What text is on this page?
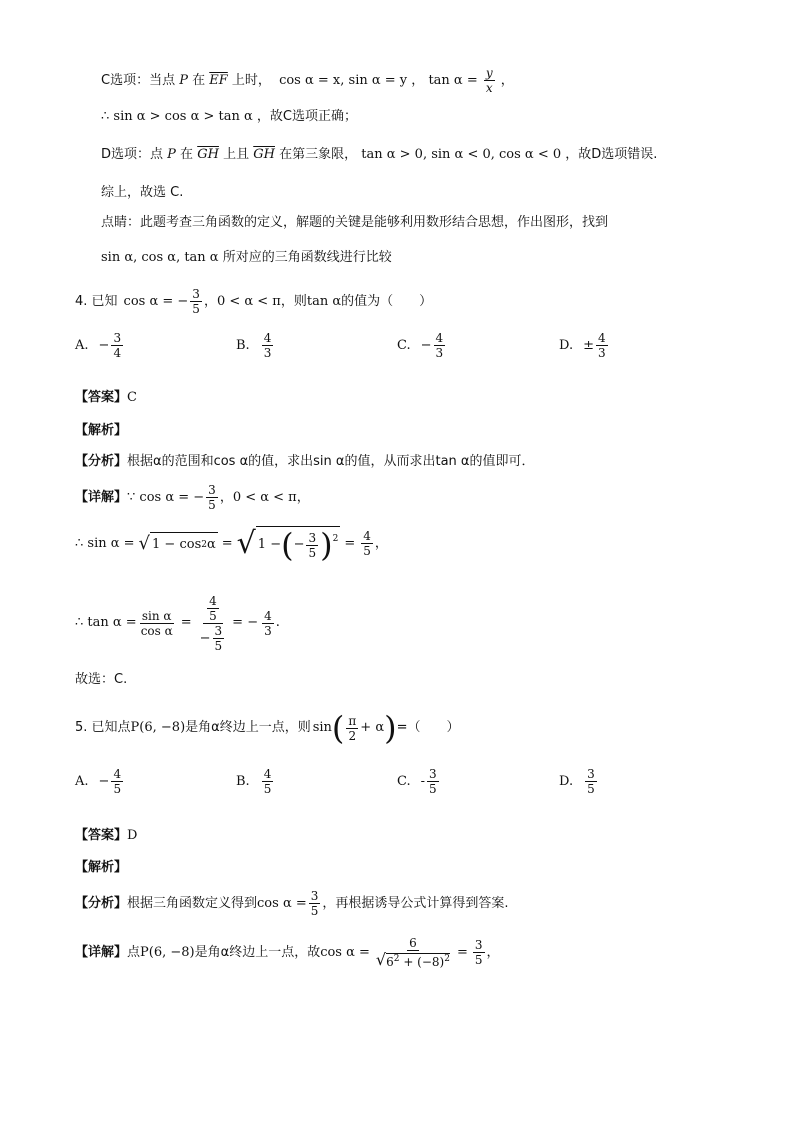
C选项：当点 P 在 $\overline{EF}$ 上时， cos α = x, sin α = y ， $\tan \alpha = \frac{y}{x}$ ，
∴ sin α > cos α > tan α ，故C选项正确；
D选项：点 P 在 $\overline{GH}$ 上且 $\overline{GH}$ 在第三象限， tan α > 0, sin α < 0, cos α < 0 ，故D选项错误.
综上，故选 C.
点睛：此题考查三角函数的定义，解题的关键是能够利用数形结合思想，作出图形，找到
sin α, cos α, tan α 所对应的三角函数线进行比较
4. 已知 cos α = − $\frac{3}{5}$ ，0 < α < π ，则 tan α 的值为（　　）
A. − $\frac{3}{4}$	B. $\frac{4}{3}$	C. − $\frac{4}{3}$	D. ± $\frac{4}{3}$
【答案】C
【解析】
【分析】根据α的范围和cos α的值，求出sin α的值，从而求出tan α的值即可．
【详解】 ∵ cos α = − $\frac{3}{5}$ ，0 < α < π，
∴ sin α = √ 1 − cos 2 α = √ 1 − ( − $\frac{3}{5} )^2 = \frac{4}{5}$ ，
∴ $\tan \alpha = \frac{\text{sin α}}{\text{cos α}} = \frac{\frac{4}{5}}{- \frac{3}{5}}$ = − $\frac{4}{3}$ .
故选：C.
5. 已知点 P(6, −8) 是角α终边上一点，则 sin ( $\frac{\pi}{2} + \alpha$ ) =（　　）
A. − $\frac{4}{5}$	B. $\frac{4}{5}$	C. - $\frac{3}{5}$	D. $\frac{3}{5}$
【答案】D
【解析】
【分析】 根据三角函数定义得到 $\cos \alpha = \frac{3}{5}$ ，再根据诱导公式计算得到答案.
【详解】 点 P(6, −8) 是角α终边上一点，故 $\cos \alpha = \frac{6}{√ 6^2 + (-8)^2} = \frac{3}{5}$ ，
